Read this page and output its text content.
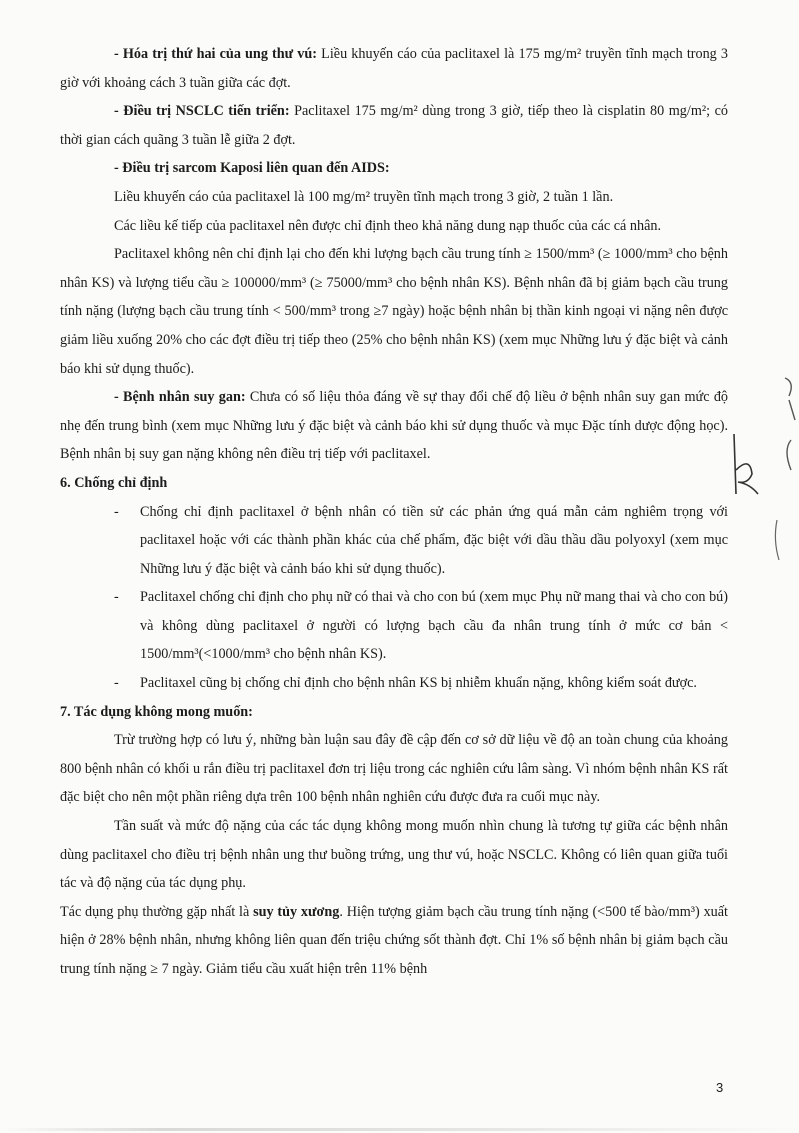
- Hóa trị thứ hai của ung thư vú: Liều khuyến cáo của paclitaxel là 175 mg/m² truyền tĩnh mạch trong 3 giờ với khoảng cách 3 tuần giữa các đợt.

- Điều trị NSCLC tiến triển: Paclitaxel 175 mg/m² dùng trong 3 giờ, tiếp theo là cisplatin 80 mg/m²; có thời gian cách quãng 3 tuần lễ giữa 2 đợt.

- Điều trị sarcom Kaposi liên quan đến AIDS:

Liều khuyến cáo của paclitaxel là 100 mg/m² truyền tĩnh mạch trong 3 giờ, 2 tuần 1 lần.

Các liều kế tiếp của paclitaxel nên được chỉ định theo khả năng dung nạp thuốc của các cá nhân.

Paclitaxel không nên chỉ định lại cho đến khi lượng bạch cầu trung tính ≥ 1500/mm³ (≥ 1000/mm³ cho bệnh nhân KS) và lượng tiểu cầu ≥ 100000/mm³ (≥ 75000/mm³ cho bệnh nhân KS). Bệnh nhân đã bị giảm bạch cầu trung tính nặng (lượng bạch cầu trung tính < 500/mm³ trong ≥7 ngày) hoặc bệnh nhân bị thần kinh ngoại vi nặng nên được giảm liều xuống 20% cho các đợt điều trị tiếp theo (25% cho bệnh nhân KS) (xem mục Những lưu ý đặc biệt và cảnh báo khi sử dụng thuốc).

- Bệnh nhân suy gan: Chưa có số liệu thỏa đáng về sự thay đổi chế độ liều ở bệnh nhân suy gan mức độ nhẹ đến trung bình (xem mục Những lưu ý đặc biệt và cảnh báo khi sử dụng thuốc và mục Đặc tính dược động học). Bệnh nhân bị suy gan nặng không nên điều trị tiếp với paclitaxel.

6. Chống chỉ định

- Chống chỉ định paclitaxel ở bệnh nhân có tiền sử các phản ứng quá mẫn cảm nghiêm trọng với paclitaxel hoặc với các thành phần khác của chế phẩm, đặc biệt với dầu thầu dầu polyoxyl (xem mục Những lưu ý đặc biệt và cảnh báo khi sử dụng thuốc).
- Paclitaxel chống chỉ định cho phụ nữ có thai và cho con bú (xem mục Phụ nữ mang thai và cho con bú) và không dùng paclitaxel ở người có lượng bạch cầu đa nhân trung tính ở mức cơ bản < 1500/mm³(<1000/mm³ cho bệnh nhân KS).
- Paclitaxel cũng bị chống chỉ định cho bệnh nhân KS bị nhiễm khuẩn nặng, không kiểm soát được.

7. Tác dụng không mong muốn:

Trừ trường hợp có lưu ý, những bàn luận sau đây đề cập đến cơ sở dữ liệu về độ an toàn chung của khoảng 800 bệnh nhân có khối u rắn điều trị paclitaxel đơn trị liệu trong các nghiên cứu lâm sàng. Vì nhóm bệnh nhân KS rất đặc biệt cho nên một phần riêng dựa trên 100 bệnh nhân nghiên cứu được đưa ra cuối mục này.

Tần suất và mức độ nặng của các tác dụng không mong muốn nhìn chung là tương tự giữa các bệnh nhân dùng paclitaxel cho điều trị bệnh nhân ung thư buồng trứng, ung thư vú, hoặc NSCLC. Không có liên quan giữa tuổi tác và độ nặng của tác dụng phụ.

Tác dụng phụ thường gặp nhất là suy tủy xương. Hiện tượng giảm bạch cầu trung tính nặng (<500 tế bào/mm³) xuất hiện ở 28% bệnh nhân, nhưng không liên quan đến triệu chứng sốt thành đợt. Chỉ 1% số bệnh nhân bị giảm bạch cầu trung tính nặng ≥ 7 ngày. Giảm tiểu cầu xuất hiện trên 11% bệnh

3
